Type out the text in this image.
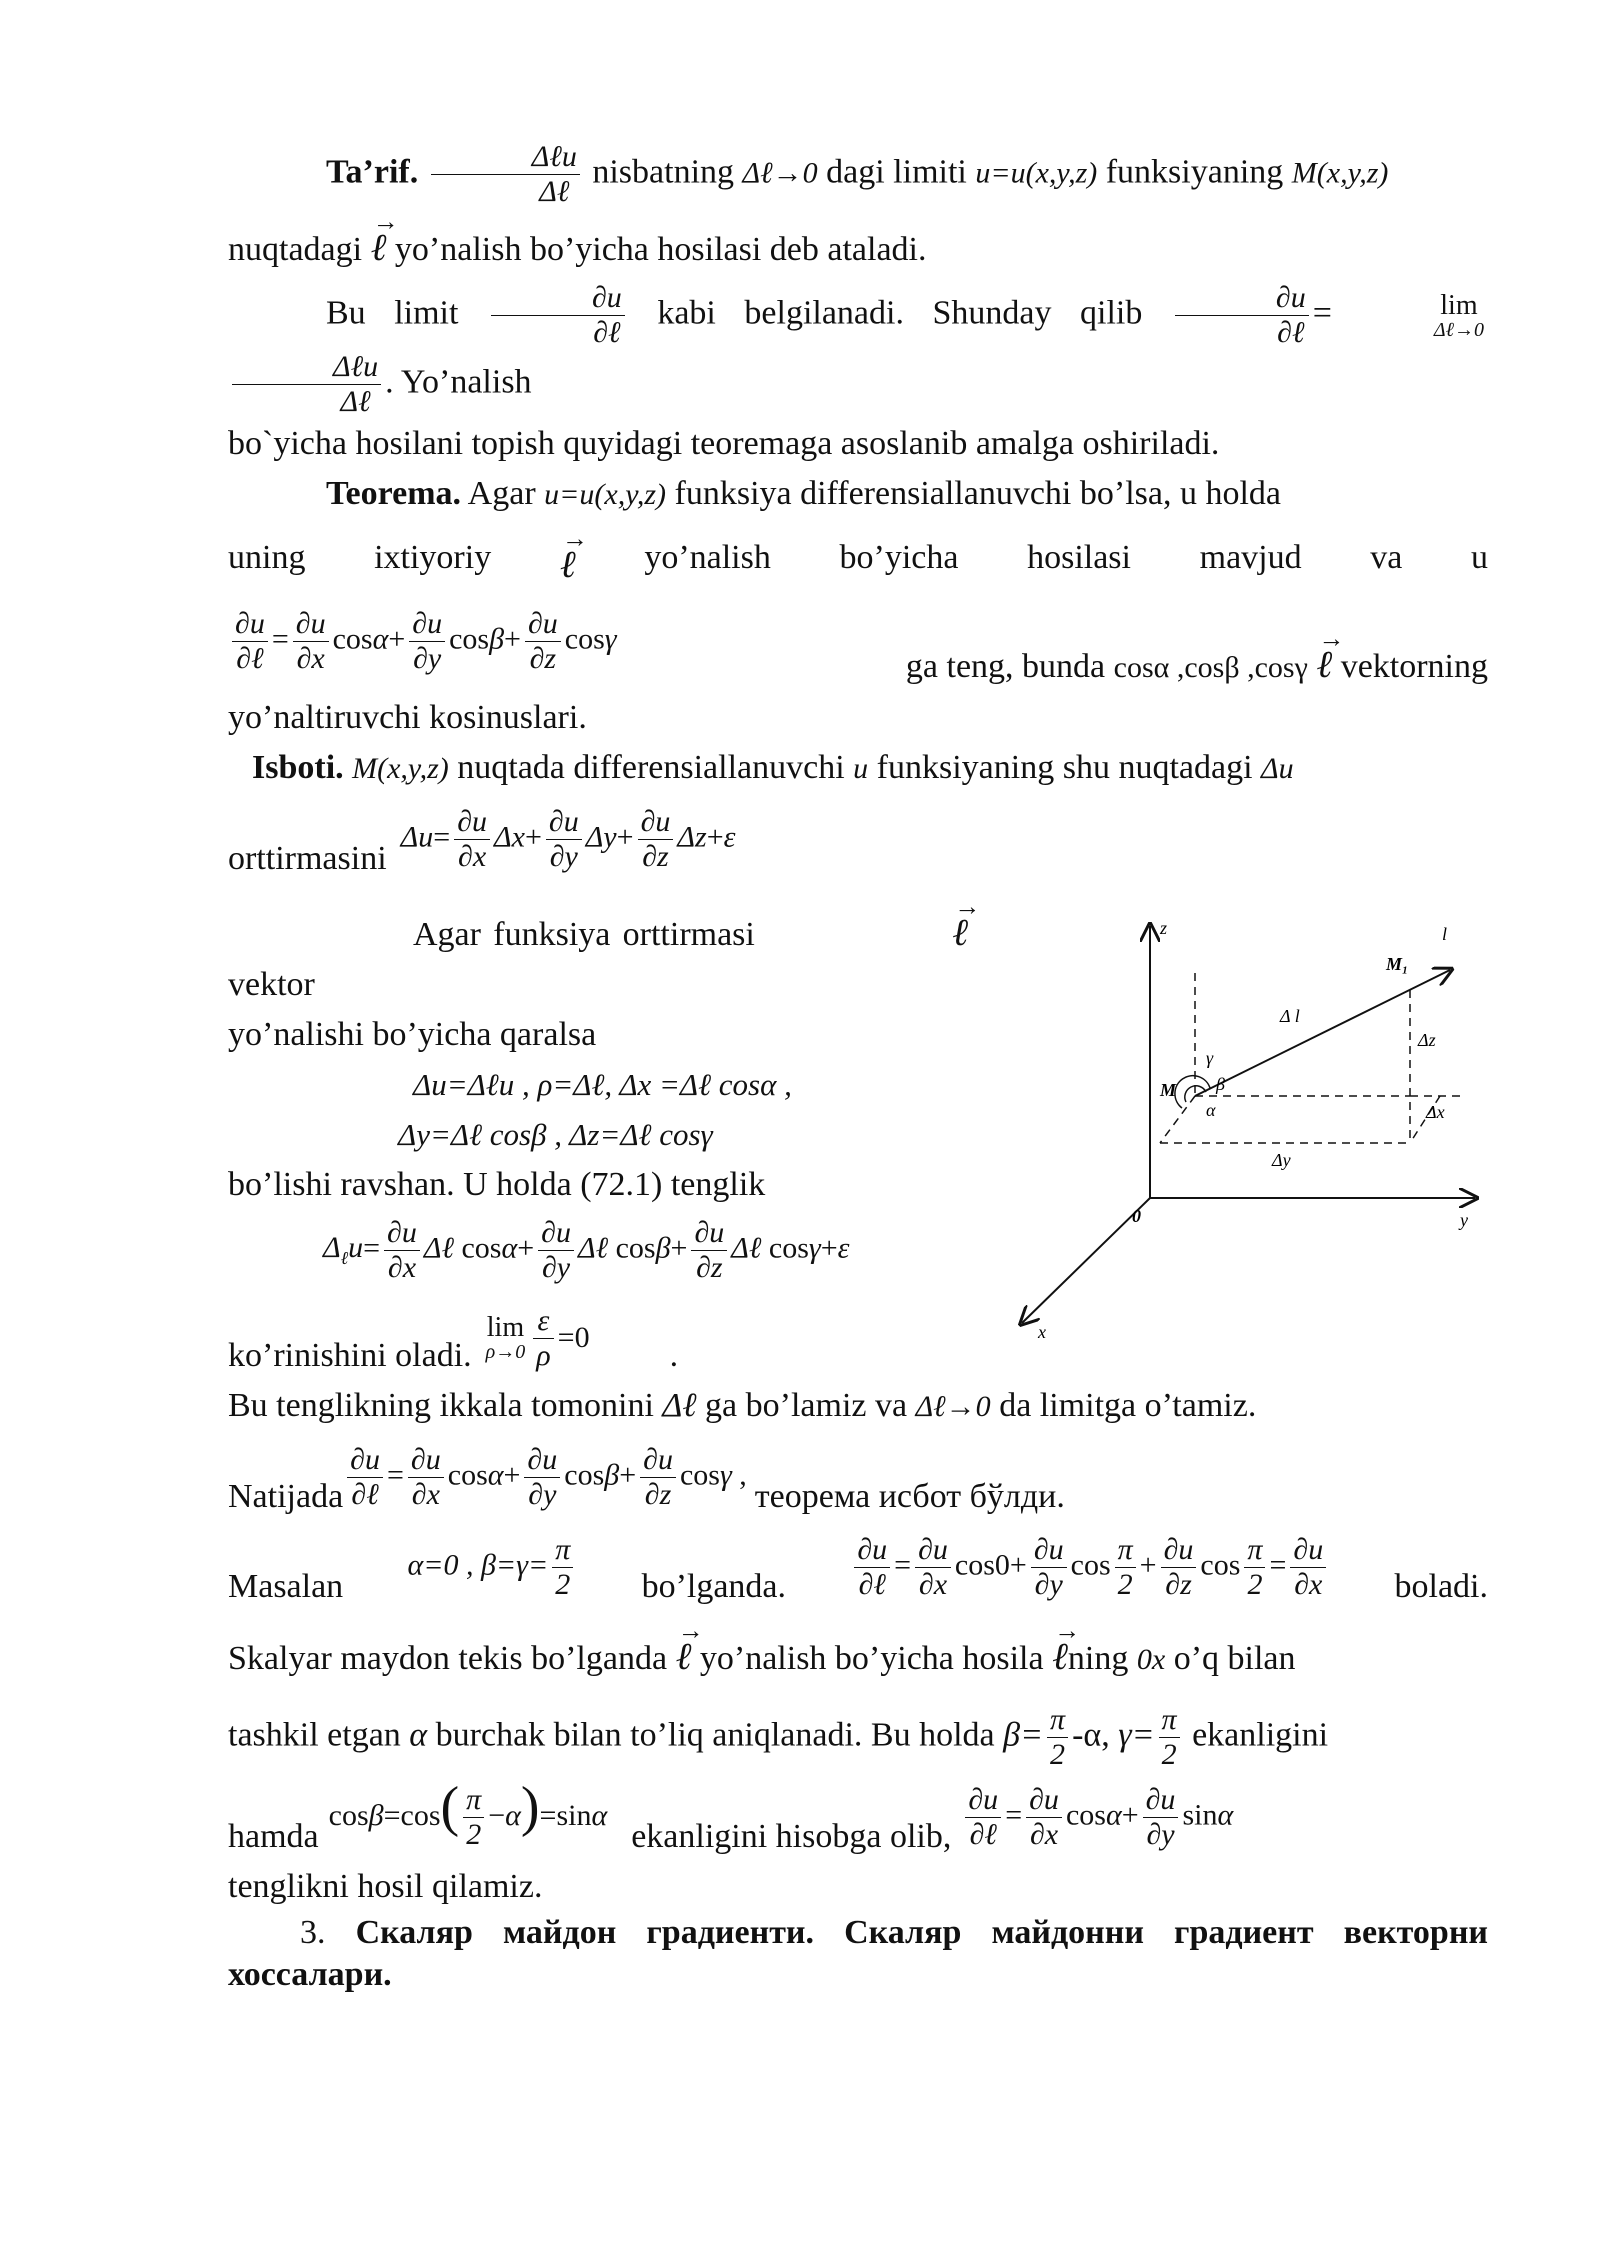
Ta’rif. $\frac{\text{Δℓu}}{\text{Δℓ}}$ nisbatning Δℓ→0 dagi limiti u=u(x,y,z) funksiyaning M(x,y,z)

nuqtadagi → ℓ yo’nalish bo’yicha hosilasi deb ataladi.

Bu limit $\frac{\partial u}{\text{∂ℓ}}$ kabi belgilanadi. Shunday qilib $\frac{\partial u}{\text{∂ℓ}}$ =	lim
Δℓ→0
$\frac{\text{Δℓu}}{\text{Δℓ}}$ . Yo’nalish

bo`yicha hosilani topish quyidagi teoremaga asoslanib amalga oshiriladi.

Teorema. Agar u=u(x,y,z) funksiya differensiallanuvchi bo’lsa, u holda

uning ixtiyoriy → ℓ yo’nalish bo’yicha hosilasi mavjud va u
$\frac{\partial u}{\text{∂ℓ}} = \frac{\partial u}{\partial x} \cos\alpha+ \frac{\partial u}{\partial y} \cos\beta+ \frac{\partial u}{\partial z}$ cosγ
ga teng, bunda cosα ,cosβ ,cosγ → ℓ vektorning

yo’naltiruvchi kosinuslari.

Isboti. M(x,y,z) nuqtada differensiallanuvchi u funksiyaning shu nuqtadagi Δu

orttirmasini
$\Delta u= \frac{\partial u}{\partial x} \Delta x+ \frac{\partial u}{\partial y} \Delta y+ \frac{\partial u}{\partial z} \Delta z+\varepsilon$

Agar funksiya orttirmasi	→ ℓ vektor

yo’nalishi bo’yicha qaralsa

Δu=Δℓu , ρ=Δℓ, Δx =Δℓ cosα ,

Δy=Δℓ cosβ , Δz=Δℓ cosγ

bo’lishi ravshan. U holda (72.1) tenglik

$\Delta_\ell u= \frac{\partial u}{\partial x}$ Δℓ $\cos\alpha+ \frac{\partial u}{\partial y}$ Δℓ $\cos\beta+ \frac{\partial u}{\partial z}$ Δℓ cosγ+ε

ko’rinishini oladi.
lim
$\rho\to 0 \frac{\varepsilon}{\rho} =0$ .

Bu tenglikning ikkala tomonini Δℓ ga bo’lamiz va Δℓ→0 da limitga o’tamiz.

Natijada $\frac{\partial u}{\text{∂ℓ}} = \frac{\partial u}{\partial x} \cos\alpha+ \frac{\partial u}{\partial y} \cos\beta+ \frac{\partial u}{\partial z}$ cosγ ,
теорема исбот бўлди.
Masalan
α=0 , $\beta=\gamma= \frac{\pi}{2}$ bo’lganda. $\frac{\partial u}{\text{∂ℓ}} = \frac{\partial u}{\partial x} \cos 0+ \frac{\partial u}{\partial y}$ $\cos \frac{\pi}{2} + \frac{\partial u}{\partial z}$ $\cos \frac{\pi}{2} = \frac{\partial u}{\partial x}$ boladi.

Skalyar maydon tekis bo’lganda → ℓ yo’nalish bo’yicha hosila → ℓning 0x o’q bilan

tashkil etgan α burchak bilan to’liq aniqlanadi. Bu holda $\beta= \frac{\pi}{2} -\alpha$, $\gamma= \frac{\pi}{2}$ ekanligini

hamda
$\cos\beta=\cos( \frac{\pi}{2} -\alpha)=\sin\alpha$
ekanligini hisobga olib, $\frac{\partial u}{\text{∂ℓ}} = \frac{\partial u}{\partial x} \cos\alpha+ \frac{\partial u}{\partial y}$ sinα

tenglikni hosil qilamiz.

3. Скаляр майдон градиенти. Скаляр майдонни градиент векторни хоссалари.

z
y
x
0
l
M
M₁
Δ l
Δz
Δx
Δy
α
β
γ
